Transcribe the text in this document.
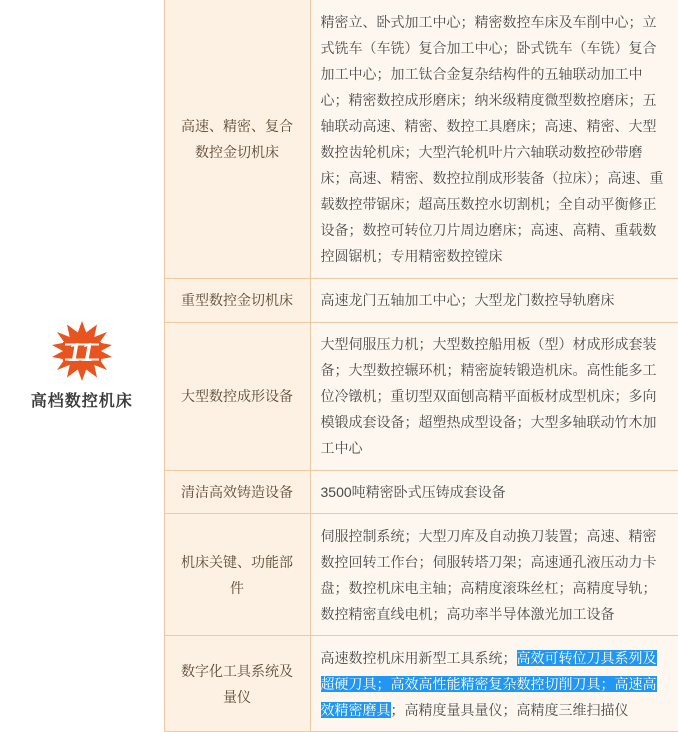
11
高档数控机床	高速、精密、复合数控金切机床	精密立、卧式加工中心；精密数控车床及车削中心；立式铣车（车铣）复合加工中心；卧式铣车（车铣）复合加工中心；加工钛合金复杂结构件的五轴联动加工中心；精密数控成形磨床；纳米级精度微型数控磨床；五轴联动高速、精密、数控工具磨床；高速、精密、大型数控齿轮机床；大型汽轮机叶片六轴联动数控砂带磨床；高速、精密、数控拉削成形装备（拉床）；高速、重载数控带锯床；超高压数控水切割机；全自动平衡修正设备；数控可转位刀片周边磨床；高速、高精、重载数控圆锯机；专用精密数控镗床
	重型数控金切机床	高速龙门五轴加工中心；大型龙门数控导轨磨床
	大型数控成形设备	大型伺服压力机；大型数控船用板（型）材成形成套装备；大型数控辗环机；精密旋转锻造机床。高性能多工位冷镦机；重切型双面刨高精平面板材成型机床；多向模锻成套设备；超塑热成型设备；大型多轴联动竹木加工中心
	清洁高效铸造设备	3500吨精密卧式压铸成套设备
	机床关键、功能部件	伺服控制系统；大型刀库及自动换刀装置；高速、精密数控回转工作台；伺服转塔刀架；高速通孔液压动力卡盘；数控机床电主轴；高精度滚珠丝杠；高精度导轨；数控精密直线电机；高功率半导体激光加工设备
	数字化工具系统及量仪	高速数控机床用新型工具系统；高效可转位刀具系列及超硬刀具；高效高性能精密复杂数控切削刀具；高速高效精密磨具；高精度量具量仪；高精度三维扫描仪
